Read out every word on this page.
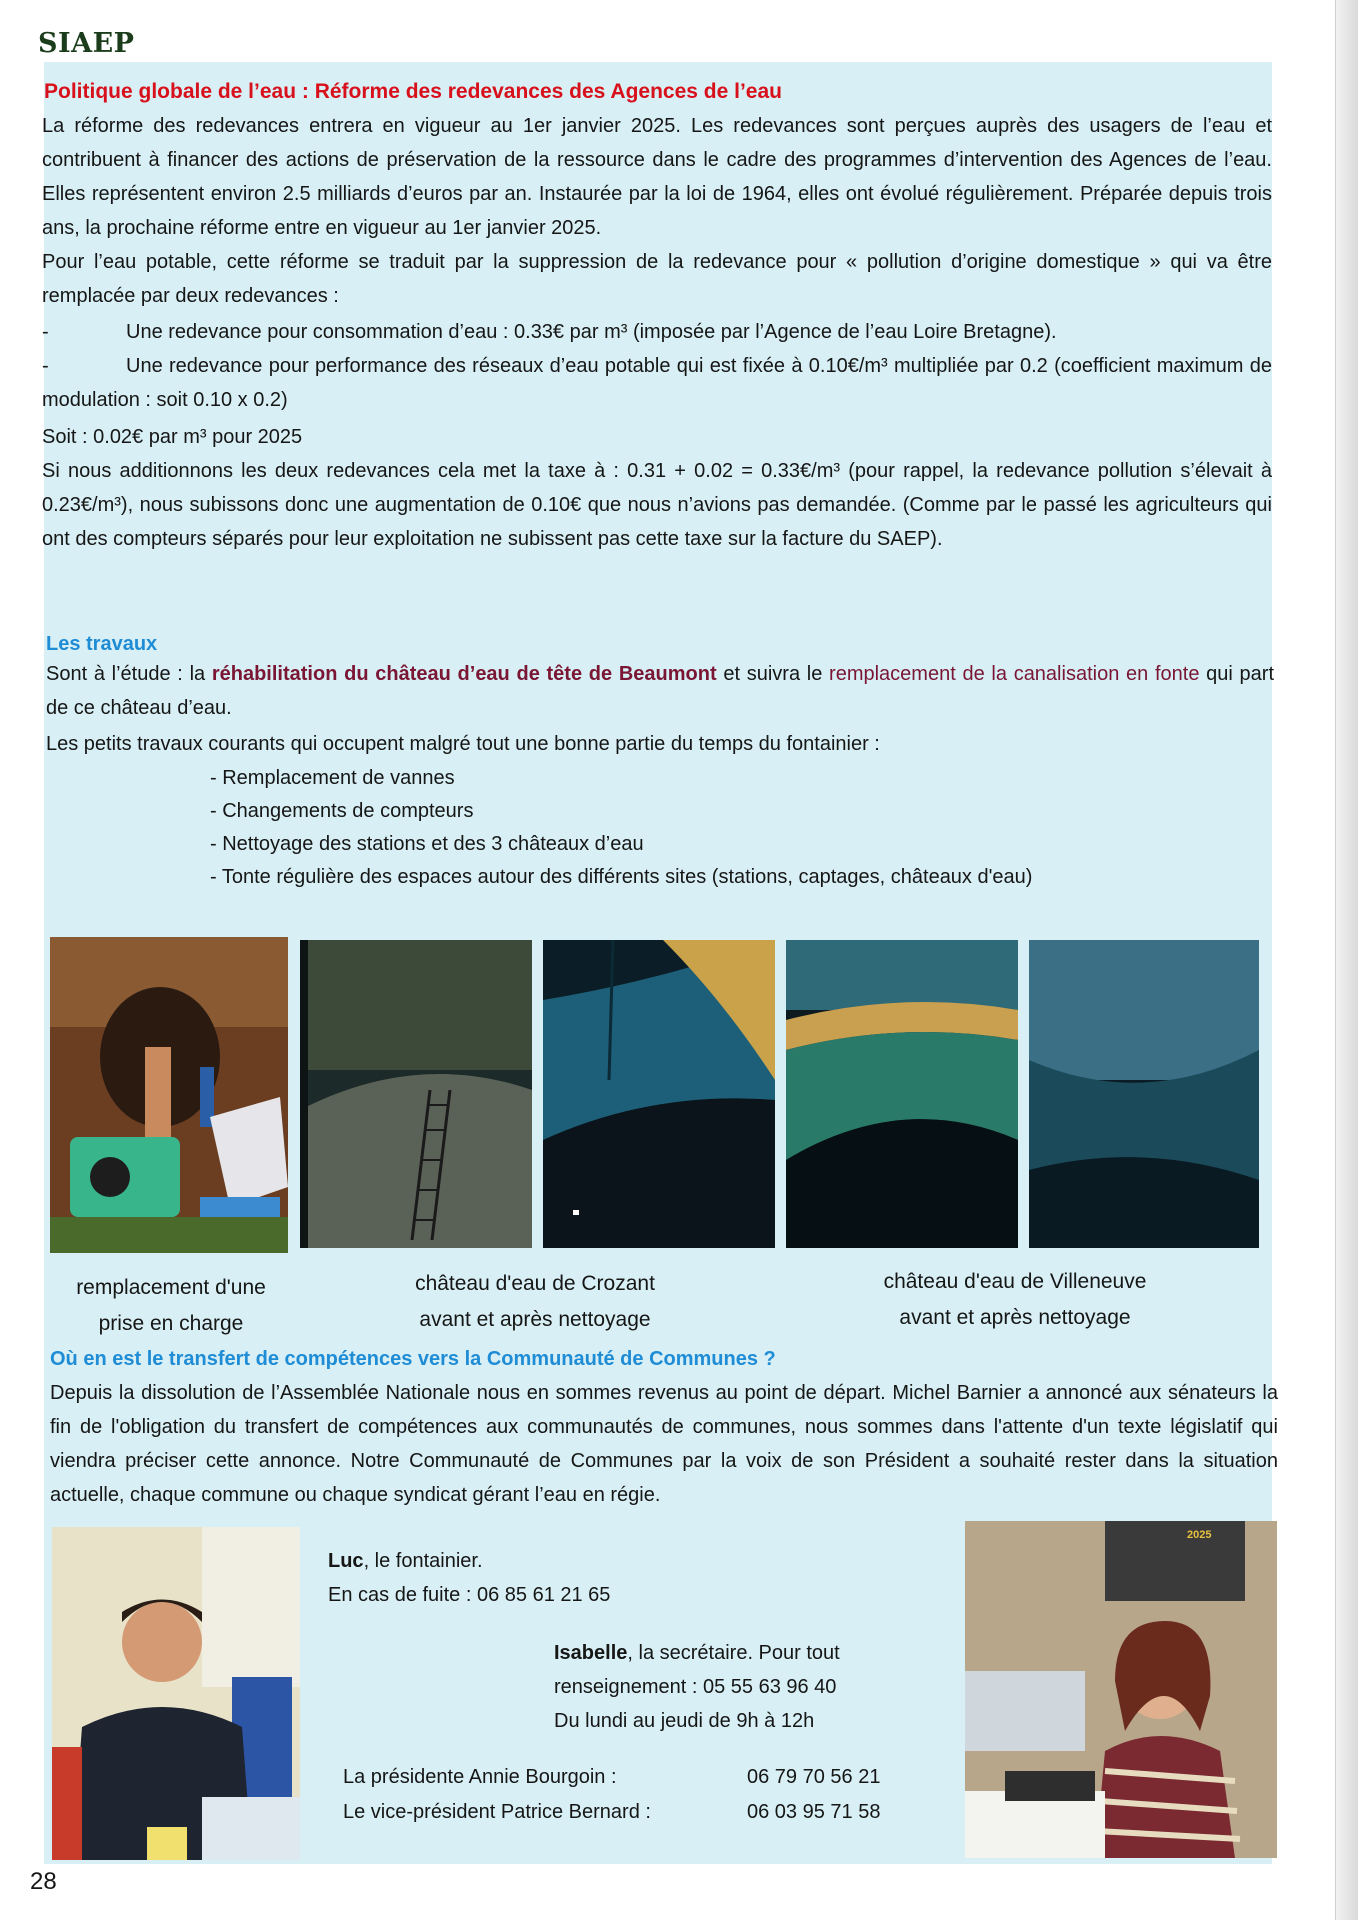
SIAEP
Politique globale de l’eau : Réforme des redevances des Agences de l’eau
La réforme des redevances entrera en vigueur au 1er janvier 2025. Les redevances sont perçues auprès des usagers de l’eau et contribuent à financer des actions de préservation de la ressource dans le cadre des programmes d’intervention des Agences de l’eau. Elles représentent environ 2.5 milliards d’euros par an. Instaurée par la loi de 1964, elles ont évolué régulièrement. Préparée depuis trois ans, la prochaine réforme entre en vigueur au 1er janvier 2025.
Pour l’eau potable, cette réforme se traduit par la suppression de la redevance pour « pollution d’origine domestique » qui va être remplacée par deux redevances :
-	Une redevance pour consommation d’eau : 0.33€ par m³ (imposée par l’Agence de l’eau Loire Bretagne).
-	Une redevance pour performance des réseaux d’eau potable qui est fixée à 0.10€/m³ multipliée par 0.2 (coefficient maximum de modulation : soit 0.10 x 0.2)
Soit : 0.02€ par m³ pour 2025
Si nous additionnons les deux redevances cela met la taxe à : 0.31 + 0.02 = 0.33€/m³ (pour rappel, la redevance pollution s’élevait à 0.23€/m³), nous subissons donc une augmentation de 0.10€ que nous n’avions pas demandée. (Comme par le passé les agriculteurs qui ont des compteurs séparés pour leur exploitation ne subissent pas cette taxe sur la facture du SAEP).
Les travaux
Sont à l’étude : la réhabilitation du château d’eau de tête de Beaumont et suivra le remplacement de la canalisation en fonte qui part de ce château d’eau.
Les petits travaux courants qui occupent malgré tout une bonne partie du temps du fontainier :
- Remplacement de vannes
- Changements de compteurs
- Nettoyage des stations et des 3 châteaux d’eau
- Tonte régulière des espaces autour des différents sites (stations, captages, châteaux d'eau)
remplacement d'une
prise en charge
château d'eau de Crozant
avant et après nettoyage
château d'eau de Villeneuve
avant et après nettoyage
Où en est le transfert de compétences vers la Communauté de Communes ?
Depuis la dissolution de l’Assemblée Nationale nous en sommes revenus au point de départ. Michel Barnier a annoncé aux sénateurs la fin de l'obligation du transfert de compétences aux communautés de communes, nous sommes dans l'attente d'un texte législatif qui viendra préciser cette annonce. Notre Communauté de Communes par la voix de son Président a souhaité rester dans la situation actuelle, chaque commune ou chaque syndicat gérant l’eau en régie.
2025
Luc, le fontainier.
En cas de fuite : 06 85 61 21 65
Isabelle, la secrétaire. Pour tout
renseignement : 05 55 63 96 40
Du lundi au jeudi de 9h à 12h
La présidente Annie Bourgoin :	06 79 70 56 21
Le vice-président Patrice Bernard :	06 03 95 71 58
28
